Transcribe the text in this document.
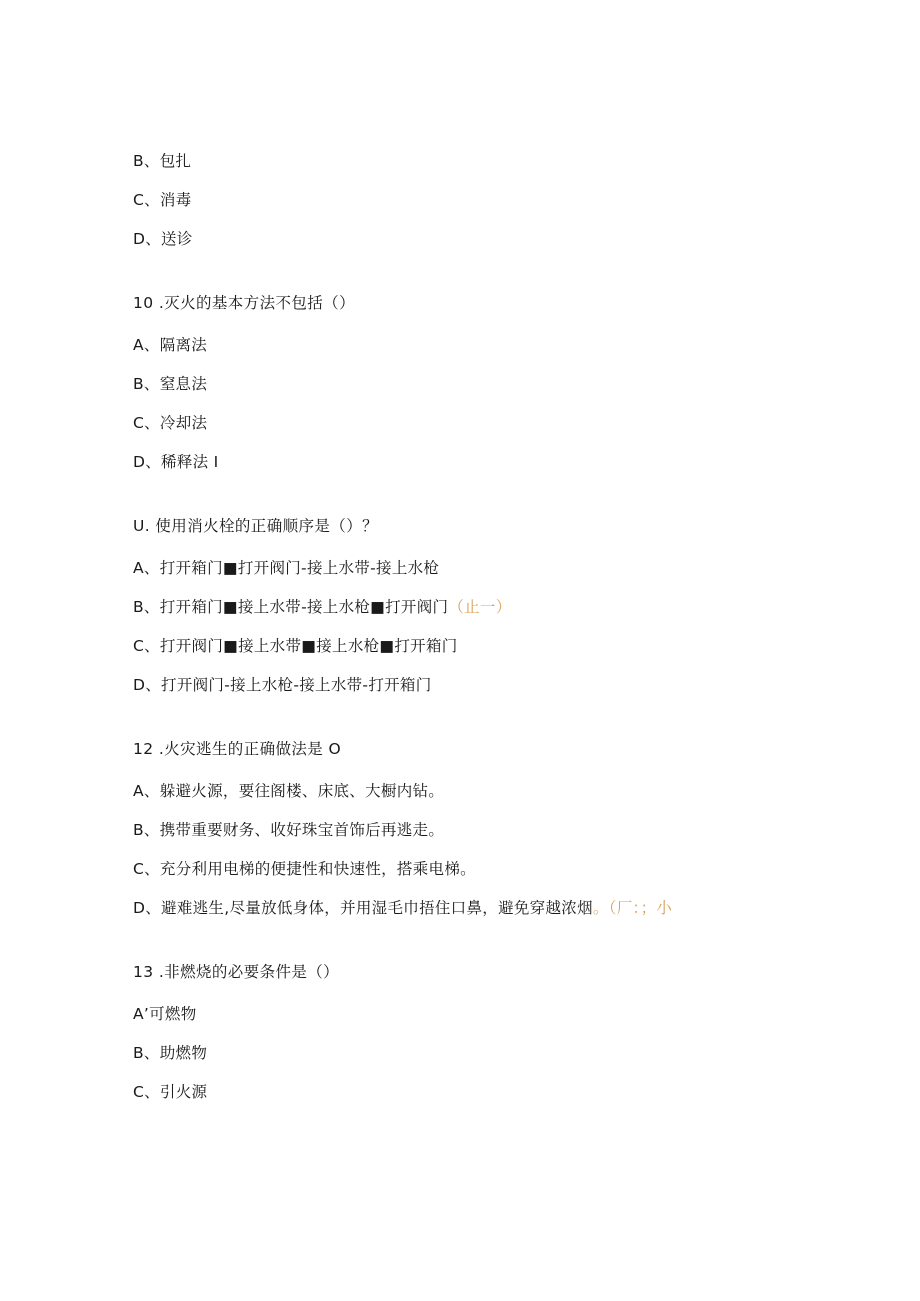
B、包扎
C、消毒
D、送诊
10 .灭火的基本方法不包括（）
A、隔离法
B、窒息法
C、冷却法
D、稀释法 I
U. 使用消火栓的正确顺序是（）？
A、打开箱门■打开阀门-接上水带-接上水枪
B、打开箱门■接上水带-接上水枪■打开阀门（止一）
C、打开阀门■接上水带■接上水枪■打开箱门
D、打开阀门-接上水枪-接上水带-打开箱门
12 .火灾逃生的正确做法是 O
A、躲避火源，要往阁楼、床底、大橱内钻。
B、携带重要财务、收好珠宝首饰后再逃走。
C、充分利用电梯的便捷性和快速性，搭乘电梯。
D、避难逃生,尽量放低身体，并用湿毛巾捂住口鼻，避免穿越浓烟。（厂：；小
13 .非燃烧的必要条件是（）
A’可燃物
B、助燃物
C、引火源
